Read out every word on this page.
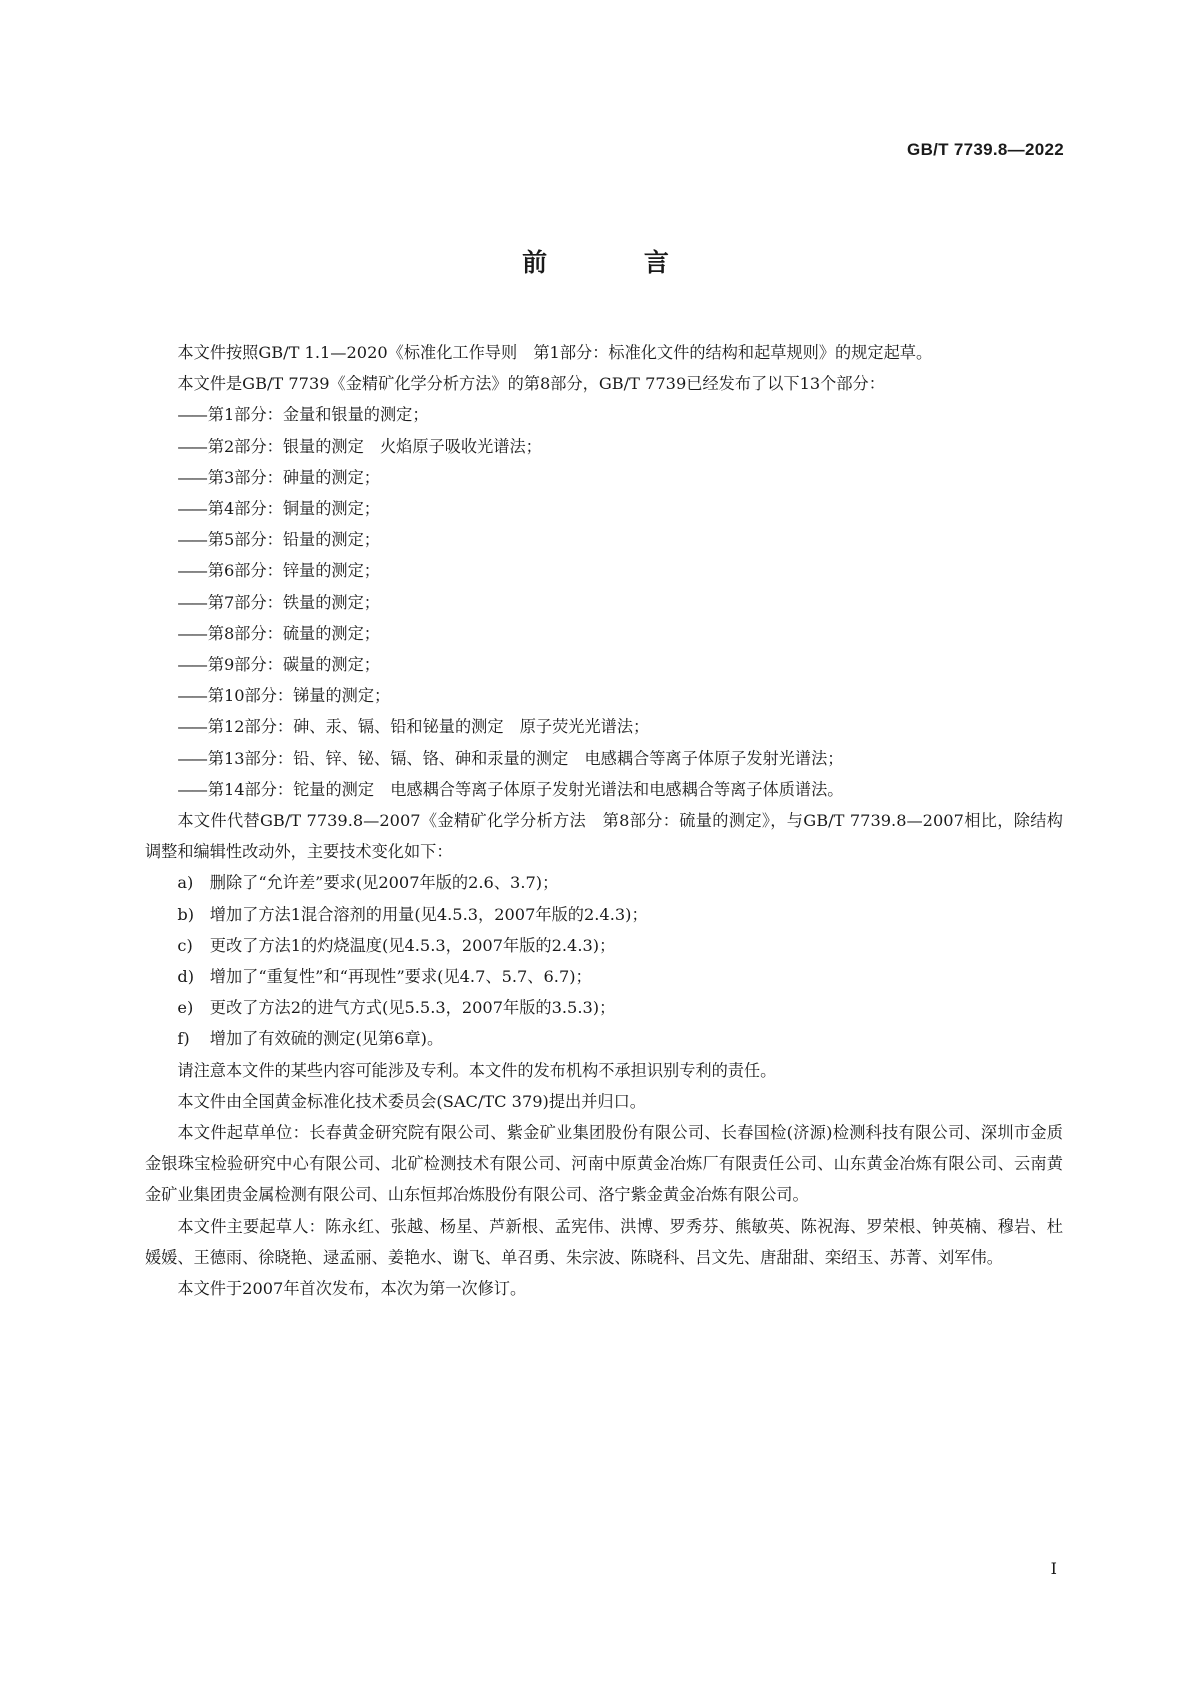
GB/T 7739.8—2022
前 言

本文件按照GB/T 1.1—2020《标准化工作导则　第1部分：标准化文件的结构和起草规则》的规定起草。

本文件是GB/T 7739《金精矿化学分析方法》的第8部分，GB/T 7739已经发布了以下13个部分：

—— 第1部分：金量和银量的测定；

—— 第2部分：银量的测定　火焰原子吸收光谱法；

—— 第3部分：砷量的测定；

—— 第4部分：铜量的测定；

—— 第5部分：铅量的测定；

—— 第6部分：锌量的测定；

—— 第7部分：铁量的测定；

—— 第8部分：硫量的测定；

—— 第9部分：碳量的测定；

—— 第10部分：锑量的测定；

—— 第12部分：砷、汞、镉、铅和铋量的测定　原子荧光光谱法；

—— 第13部分：铅、锌、铋、镉、铬、砷和汞量的测定　电感耦合等离子体原子发射光谱法；

—— 第14部分：铊量的测定　电感耦合等离子体原子发射光谱法和电感耦合等离子体质谱法。

本文件代替GB/T 7739.8—2007《金精矿化学分析方法　第8部分：硫量的测定》，与GB/T 7739.8—2007相比，除结构调整和编辑性改动外，主要技术变化如下：

a) 删除了“允许差”要求(见2007年版的2.6、3.7)；

b) 增加了方法1混合溶剂的用量(见4.5.3，2007年版的2.4.3)；

c) 更改了方法1的灼烧温度(见4.5.3，2007年版的2.4.3)；

d) 增加了“重复性”和“再现性”要求(见4.7、5.7、6.7)；

e) 更改了方法2的进气方式(见5.5.3，2007年版的3.5.3)；

f) 增加了有效硫的测定(见第6章)。

请注意本文件的某些内容可能涉及专利。本文件的发布机构不承担识别专利的责任。

本文件由全国黄金标准化技术委员会(SAC/TC 379)提出并归口。

本文件起草单位：长春黄金研究院有限公司、紫金矿业集团股份有限公司、长春国检(济源)检测科技有限公司、深圳市金质金银珠宝检验研究中心有限公司、北矿检测技术有限公司、河南中原黄金冶炼厂有限责任公司、山东黄金冶炼有限公司、云南黄金矿业集团贵金属检测有限公司、山东恒邦冶炼股份有限公司、洛宁紫金黄金冶炼有限公司。

本文件主要起草人：陈永红、张越、杨星、芦新根、孟宪伟、洪博、罗秀芬、熊敏英、陈祝海、罗荣根、钟英楠、穆岩、杜媛媛、王德雨、徐晓艳、逯孟丽、姜艳水、谢飞、单召勇、朱宗波、陈晓科、吕文先、唐甜甜、栾绍玉、苏菁、刘军伟。

本文件于2007年首次发布，本次为第一次修订。

I
